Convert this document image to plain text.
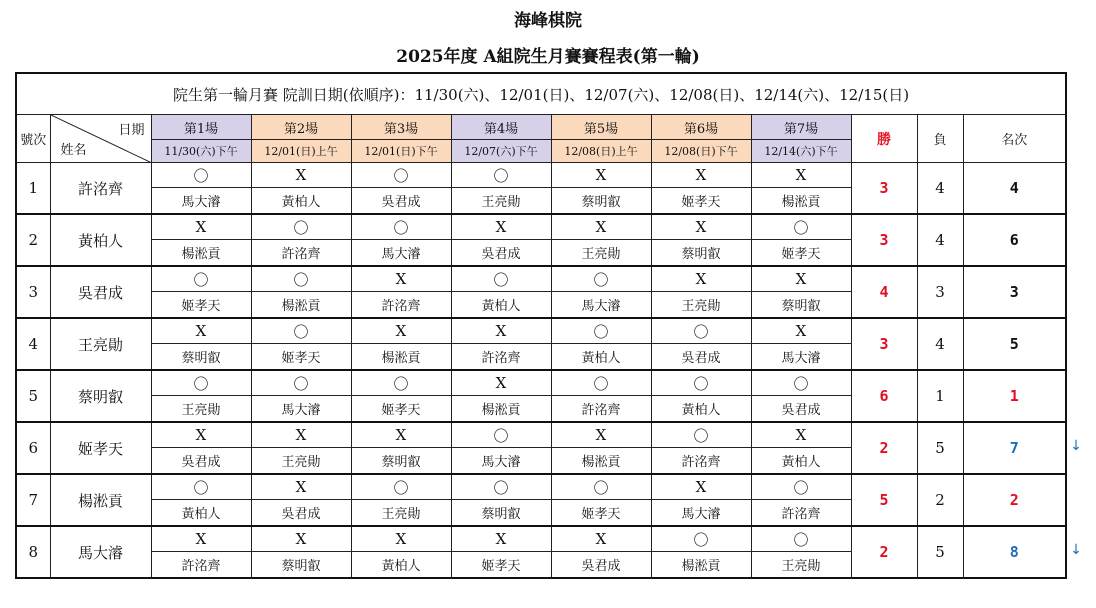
海峰棋院
2025年度 A組院生月賽賽程表(第一輪)
院生第一輪月賽 院訓日期(依順序)：11/30(六)、12/01(日)、12/07(六)、12/08(日)、12/14(六)、12/15(日)											
號次	日期
姓名	第1場	第2場	第3場	第4場	第5場	第6場	第7場	勝	負	名次
		11/30(六)下午	12/01(日)上午	12/01(日)下午	12/07(六)下午	12/08(日)上午	12/08(日)下午	12/14(六)下午			
1	許洺齊	〇	X	〇	〇	X	X	X	3	4	4
		馬大濬	黃柏人	吳君成	王亮勛	蔡明叡	姬孝天	楊淞貢			
2	黃柏人	X	〇	〇	X	X	X	〇	3	4	6
		楊淞貢	許洺齊	馬大濬	吳君成	王亮勛	蔡明叡	姬孝天			
3	吳君成	〇	〇	X	〇	〇	X	X	4	3	3
		姬孝天	楊淞貢	許洺齊	黃柏人	馬大濬	王亮勛	蔡明叡			
4	王亮勛	X	〇	X	X	〇	〇	X	3	4	5
		蔡明叡	姬孝天	楊淞貢	許洺齊	黃柏人	吳君成	馬大濬			
5	蔡明叡	〇	〇	〇	X	〇	〇	〇	6	1	1
		王亮勛	馬大濬	姬孝天	楊淞貢	許洺齊	黃柏人	吳君成			
6	姬孝天	X	X	X	〇	X	〇	X	2	5	7
		吳君成	王亮勛	蔡明叡	馬大濬	楊淞貢	許洺齊	黃柏人			
7	楊淞貢	〇	X	〇	〇	〇	X	〇	5	2	2
		黃柏人	吳君成	王亮勛	蔡明叡	姬孝天	馬大濬	許洺齊			
8	馬大濬	X	X	X	X	X	〇	〇	2	5	8
		許洺齊	蔡明叡	黃柏人	姬孝天	吳君成	楊淞貢	王亮勛			
↓
↓
